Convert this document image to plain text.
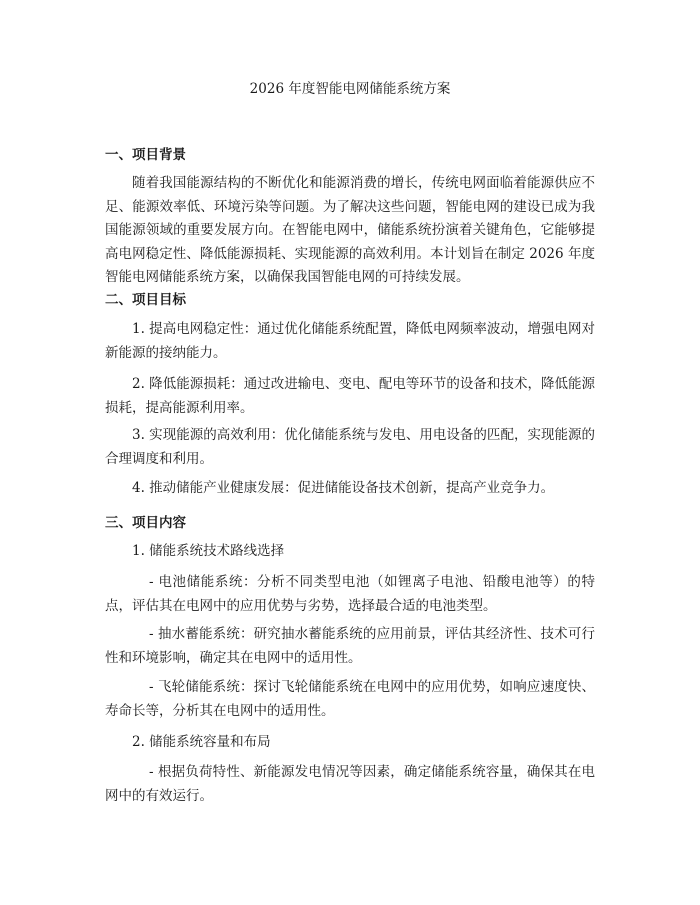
2026 年度智能电网储能系统方案
一、项目背景

随着我国能源结构的不断优化和能源消费的增长，传统电网面临着能源供应不足、能源效率低、环境污染等问题。为了解决这些问题，智能电网的建设已成为我国能源领域的重要发展方向。在智能电网中，储能系统扮演着关键角色，它能够提高电网稳定性、降低能源损耗、实现能源的高效利用。本计划旨在制定 2026 年度智能电网储能系统方案，以确保我国智能电网的可持续发展。

二、项目目标

1. 提高电网稳定性：通过优化储能系统配置，降低电网频率波动，增强电网对新能源的接纳能力。

2. 降低能源损耗：通过改进输电、变电、配电等环节的设备和技术，降低能源损耗，提高能源利用率。

3. 实现能源的高效利用：优化储能系统与发电、用电设备的匹配，实现能源的合理调度和利用。

4. 推动储能产业健康发展：促进储能设备技术创新，提高产业竞争力。

三、项目内容

1. 储能系统技术路线选择

- 电池储能系统：分析不同类型电池（如锂离子电池、铅酸电池等）的特点，评估其在电网中的应用优势与劣势，选择最合适的电池类型。

- 抽水蓄能系统：研究抽水蓄能系统的应用前景，评估其经济性、技术可行性和环境影响，确定其在电网中的适用性。

- 飞轮储能系统：探讨飞轮储能系统在电网中的应用优势，如响应速度快、寿命长等，分析其在电网中的适用性。

2. 储能系统容量和布局

- 根据负荷特性、新能源发电情况等因素，确定储能系统容量，确保其在电网中的有效运行。
